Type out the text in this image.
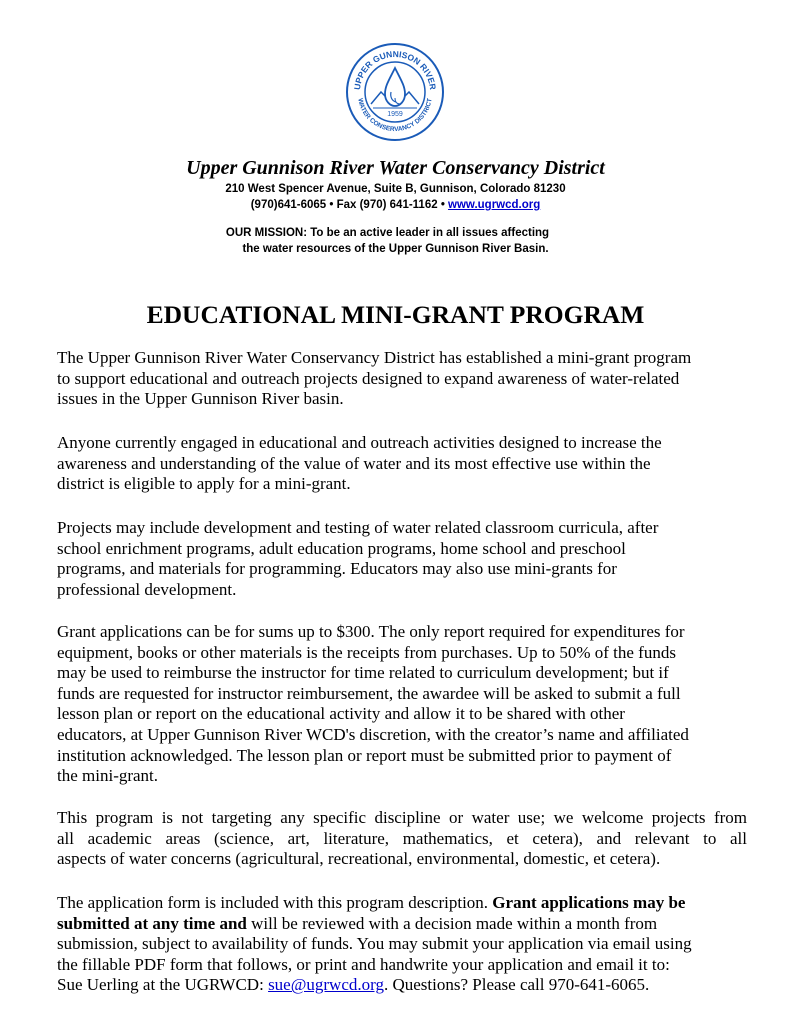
UPPER GUNNISON RIVER
WATER CONSERVANCY DISTRICT
1959
Upper Gunnison River Water Conservancy District
210 West Spencer Avenue, Suite B, Gunnison, Colorado 81230
(970)641-6065 • Fax (970) 641-1162 • www.ugrwcd.org
OUR MISSION: To be an active leader in all issues affecting
the water resources of the Upper Gunnison River Basin.
EDUCATIONAL MINI-GRANT PROGRAM
The Upper Gunnison River Water Conservancy District has established a mini-grant program
to support educational and outreach projects designed to expand awareness of water-related
issues in the Upper Gunnison River basin.
Anyone currently engaged in educational and outreach activities designed to increase the
awareness and understanding of the value of water and its most effective use within the
district is eligible to apply for a mini-grant.
Projects may include development and testing of water related classroom curricula, after
school enrichment programs, adult education programs, home school and preschool
programs, and materials for programming. Educators may also use mini-grants for
professional development.
Grant applications can be for sums up to $300. The only report required for expenditures for
equipment, books or other materials is the receipts from purchases. Up to 50% of the funds
may be used to reimburse the instructor for time related to curriculum development; but if
funds are requested for instructor reimbursement, the awardee will be asked to submit a full
lesson plan or report on the educational activity and allow it to be shared with other
educators, at Upper Gunnison River WCD's discretion, with the creator’s name and affiliated
institution acknowledged. The lesson plan or report must be submitted prior to payment of
the mini-grant.
This program is not targeting any specific discipline or water use; we welcome projects from
all academic areas (science, art, literature, mathematics, et cetera), and relevant to all
aspects of water concerns (agricultural, recreational, environmental, domestic, et cetera).
The application form is included with this program description. Grant applications may be
submitted at any time and will be reviewed with a decision made within a month from
submission, subject to availability of funds. You may submit your application via email using
the fillable PDF form that follows, or print and handwrite your application and email it to:
Sue Uerling at the UGRWCD: sue@ugrwcd.org. Questions? Please call 970-641-6065.
